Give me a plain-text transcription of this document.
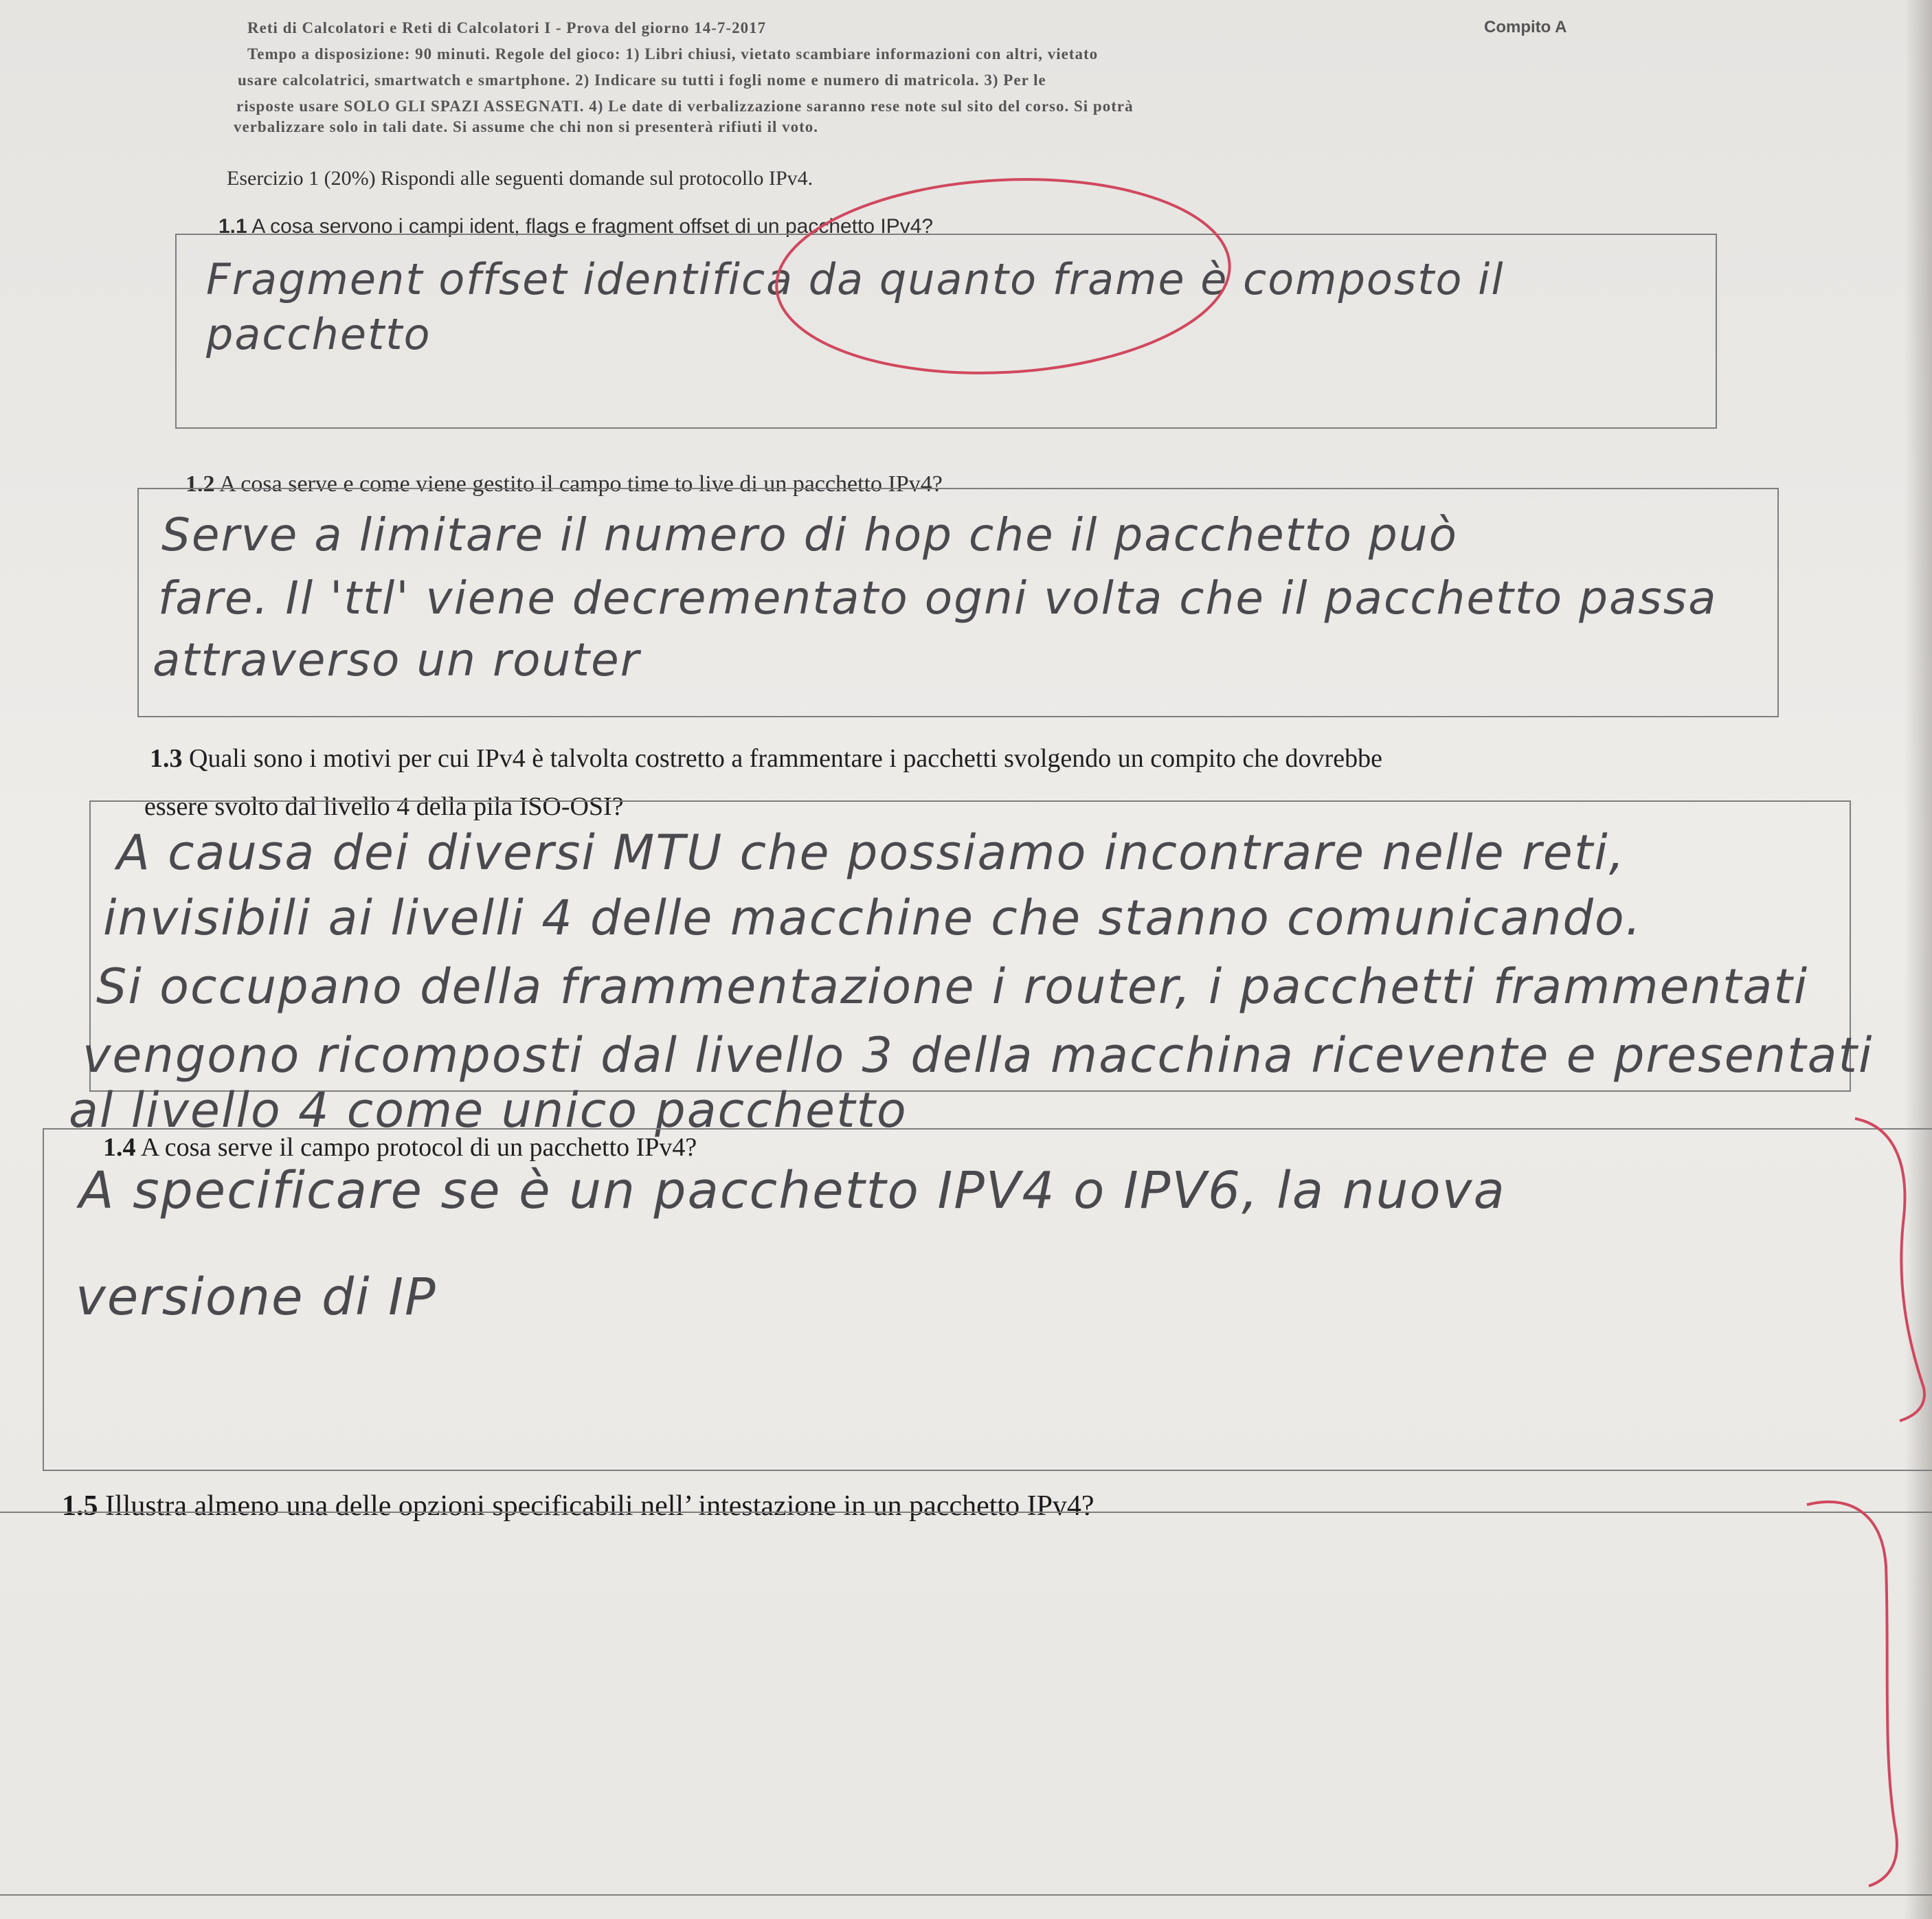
Reti di Calcolatori e Reti di Calcolatori I - Prova del giorno 14-7-2017	Compito A

Tempo a disposizione: 90 minuti. Regole del gioco: 1) Libri chiusi, vietato scambiare informazioni con altri, vietato

usare calcolatrici, smartwatch e smartphone. 2) Indicare su tutti i fogli nome e numero di matricola. 3) Per le

risposte usare SOLO GLI SPAZI ASSEGNATI. 4) Le date di verbalizzazione saranno rese note sul sito del corso. Si potrà

verbalizzare solo in tali date. Si assume che chi non si presenterà rifiuti il voto.

Esercizio 1 (20%) Rispondi alle seguenti domande sul protocollo IPv4.

1.1 A cosa servono i campi ident, flags e fragment offset di un pacchetto IPv4?

Fragment offset identifica da quanto frame è composto il

pacchetto

1.2 A cosa serve e come viene gestito il campo time to live di un pacchetto IPv4?

Serve a limitare il numero di hop che il pacchetto può

fare. Il 'ttl' viene decrementato ogni volta che il pacchetto passa

attraverso un router

1.3 Quali sono i motivi per cui IPv4 è talvolta costretto a frammentare i pacchetti svolgendo un compito che dovrebbe

essere svolto dal livello 4 della pila ISO-OSI?

A causa dei diversi MTU che possiamo incontrare nelle reti,

invisibili ai livelli 4 delle macchine che stanno comunicando.

Si occupano della frammentazione i router, i pacchetti frammentati

vengono ricomposti dal livello 3 della macchina ricevente e presentati

al livello 4 come unico pacchetto

1.4 A cosa serve il campo protocol di un pacchetto IPv4?

A specificare se è un pacchetto IPV4 o IPV6, la nuova

versione di IP

1.5 Illustra almeno una delle opzioni specificabili nell’ intestazione in un pacchetto IPv4?
